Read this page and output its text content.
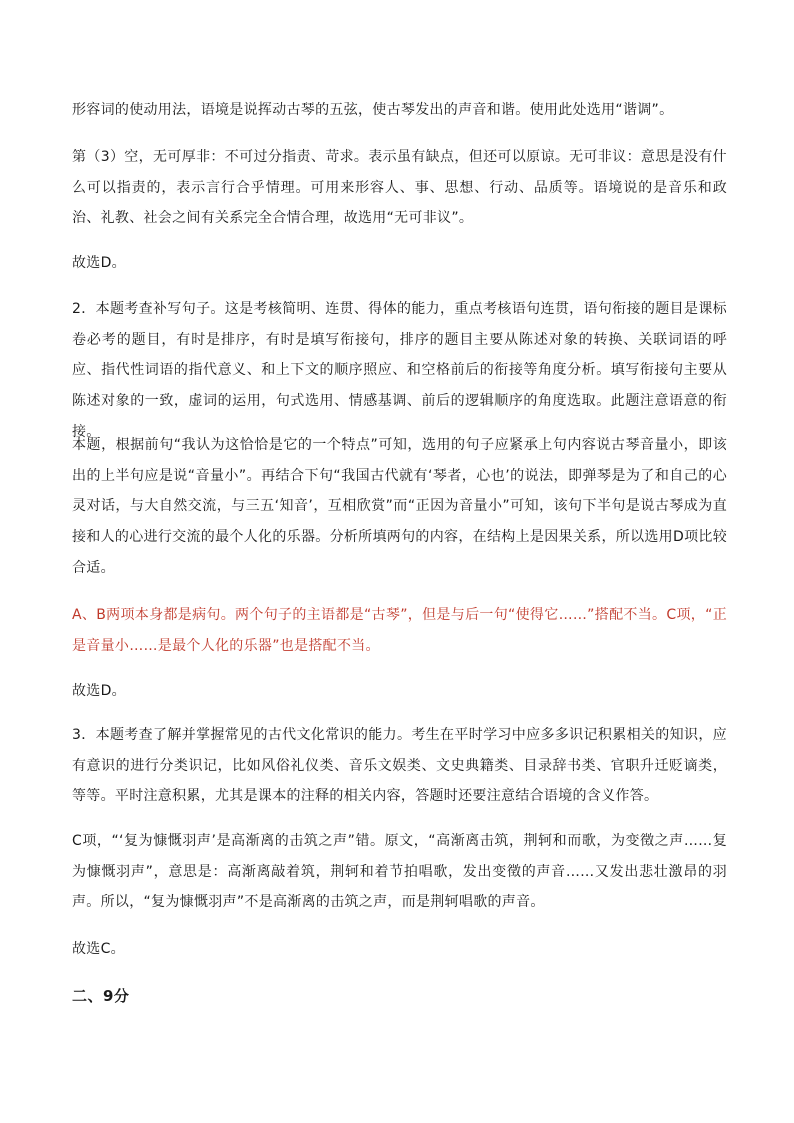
形容词的使动用法，语境是说挥动古琴的五弦，使古琴发出的声音和谐。使用此处选用“谐调”。

第（3）空，无可厚非：不可过分指责、苛求。表示虽有缺点，但还可以原谅。无可非议：意思是没有什么可以指责的，表示言行合乎情理。可用来形容人、事、思想、行动、品质等。语境说的是音乐和政治、礼教、社会之间有关系完全合情合理，故选用“无可非议”。

故选D。

2．本题考查补写句子。这是考核简明、连贯、得体的能力，重点考核语句连贯，语句衔接的题目是课标卷必考的题目，有时是排序，有时是填写衔接句，排序的题目主要从陈述对象的转换、关联词语的呼应、指代性词语的指代意义、和上下文的顺序照应、和空格前后的衔接等角度分析。填写衔接句主要从陈述对象的一致，虚词的运用，句式选用、情感基调、前后的逻辑顺序的角度选取。此题注意语意的衔接。

本题，根据前句“我认为这恰恰是它的一个特点”可知，选用的句子应紧承上句内容说古琴音量小，即该出的上半句应是说“音量小”。再结合下句“我国古代就有‘琴者，心也’的说法，即弹琴是为了和自己的心灵对话，与大自然交流，与三五‘知音’，互相欣赏”而“正因为音量小”可知，该句下半句是说古琴成为直接和人的心进行交流的最个人化的乐器。分析所填两句的内容，在结构上是因果关系，所以选用D项比较合适。

A、B两项本身都是病句。两个句子的主语都是“古琴”，但是与后一句“使得它……”搭配不当。C项，“正是音量小……是最个人化的乐器”也是搭配不当。

故选D。

3．本题考查了解并掌握常见的古代文化常识的能力。考生在平时学习中应多多识记积累相关的知识，应有意识的进行分类识记，比如风俗礼仪类、音乐文娱类、文史典籍类、目录辞书类、官职升迁贬谪类，等等。平时注意积累，尤其是课本的注释的相关内容，答题时还要注意结合语境的含义作答。

C项，“‘复为慷慨羽声’是高渐离的击筑之声”错。原文，“高渐离击筑，荆轲和而歌，为变徵之声……复为慷慨羽声”，意思是：高渐离敲着筑，荆轲和着节拍唱歌，发出变徵的声音……又发出悲壮激昂的羽声。所以，“复为慷慨羽声”不是高渐离的击筑之声，而是荆轲唱歌的声音。

故选C。

二、9分
